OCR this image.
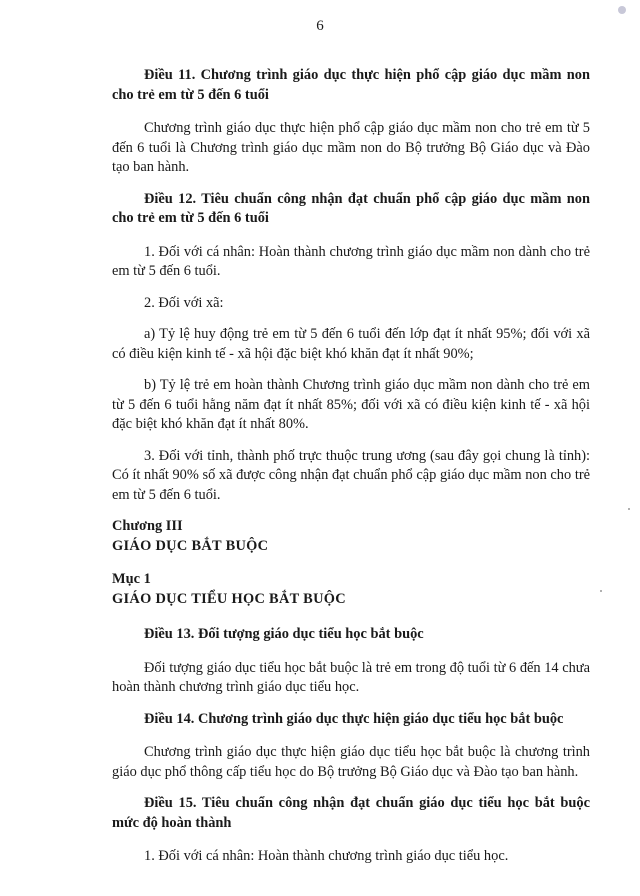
6

Điều 11. Chương trình giáo dục thực hiện phổ cập giáo dục mầm non cho trẻ em từ 5 đến 6 tuổi

Chương trình giáo dục thực hiện phổ cập giáo dục mầm non cho trẻ em từ 5 đến 6 tuổi là Chương trình giáo dục mầm non do Bộ trưởng Bộ Giáo dục và Đào tạo ban hành.

Điều 12. Tiêu chuẩn công nhận đạt chuẩn phổ cập giáo dục mầm non cho trẻ em từ 5 đến 6 tuổi

1. Đối với cá nhân: Hoàn thành chương trình giáo dục mầm non dành cho trẻ em từ 5 đến 6 tuổi.

2. Đối với xã:

a) Tỷ lệ huy động trẻ em từ 5 đến 6 tuổi đến lớp đạt ít nhất 95%; đối với xã có điều kiện kinh tế - xã hội đặc biệt khó khăn đạt ít nhất 90%;

b) Tỷ lệ trẻ em hoàn thành Chương trình giáo dục mầm non dành cho trẻ em từ 5 đến 6 tuổi hằng năm đạt ít nhất 85%; đối với xã có điều kiện kinh tế - xã hội đặc biệt khó khăn đạt ít nhất 80%.

3. Đối với tỉnh, thành phố trực thuộc trung ương (sau đây gọi chung là tỉnh): Có ít nhất 90% số xã được công nhận đạt chuẩn phổ cập giáo dục mầm non cho trẻ em từ 5 đến 6 tuổi.

Chương III

GIÁO DỤC BẮT BUỘC

Mục 1

GIÁO DỤC TIỂU HỌC BẮT BUỘC

Điều 13. Đối tượng giáo dục tiểu học bắt buộc

Đối tượng giáo dục tiểu học bắt buộc là trẻ em trong độ tuổi từ 6 đến 14 chưa hoàn thành chương trình giáo dục tiểu học.

Điều 14. Chương trình giáo dục thực hiện giáo dục tiểu học bắt buộc

Chương trình giáo dục thực hiện giáo dục tiểu học bắt buộc là chương trình giáo dục phổ thông cấp tiểu học do Bộ trưởng Bộ Giáo dục và Đào tạo ban hành.

Điều 15. Tiêu chuẩn công nhận đạt chuẩn giáo dục tiểu học bắt buộc mức độ hoàn thành

1. Đối với cá nhân: Hoàn thành chương trình giáo dục tiểu học.
